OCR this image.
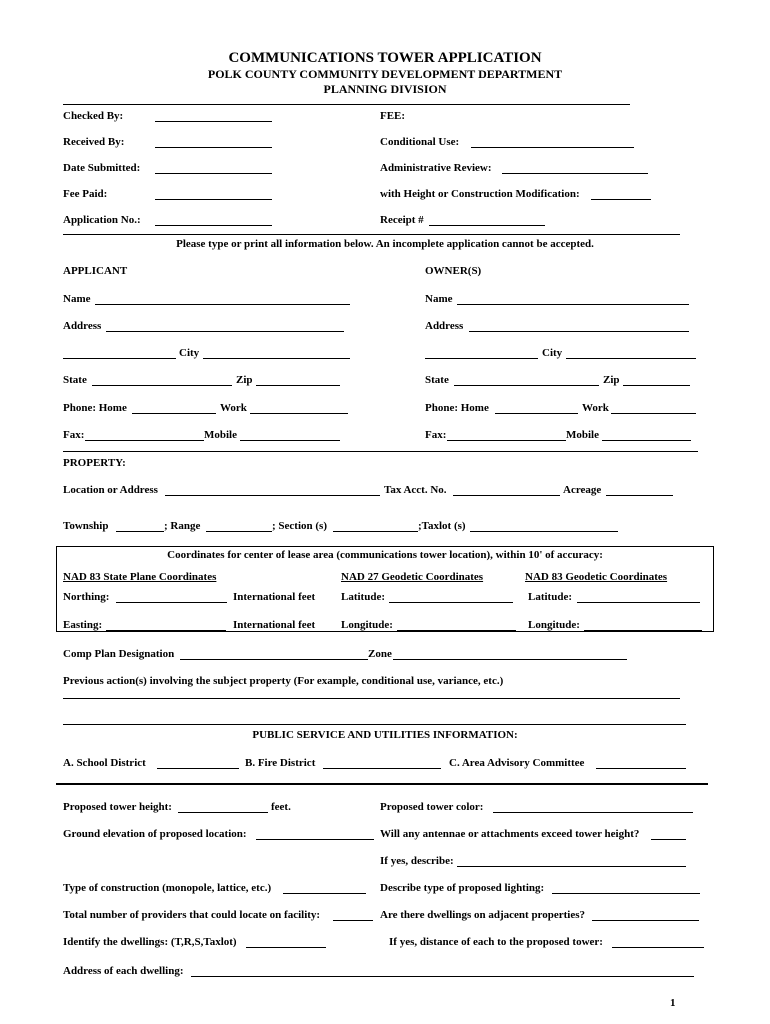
COMMUNICATIONS TOWER APPLICATION
POLK COUNTY COMMUNITY DEVELOPMENT DEPARTMENT
PLANNING DIVISION
Checked By:	FEE:
Received By:	Conditional Use:
Date Submitted:	Administrative Review:
Fee Paid:	with Height or Construction Modification:
Application No.:	Receipt #
Please type or print all information below. An incomplete application cannot be accepted.
APPLICANT	OWNER(S)
Name	Name
Address	Address
City	City
State	Zip	State	Zip
Phone: Home	Work	Phone: Home	Work
Fax:	Mobile	Fax:	Mobile
PROPERTY:
Location or Address	Tax Acct. No.	Acreage
Township	; Range	; Section (s)	;Taxlot (s)
Coordinates for center of lease area (communications tower location), within 10' of accuracy:
NAD 83 State Plane Coordinates	NAD 27 Geodetic Coordinates	NAD 83 Geodetic Coordinates
Northing:	International feet Latitude:	Latitude:
Easting:	International feet Longitude:	Longitude:
Comp Plan Designation	Zone
Previous action(s) involving the subject property (For example, conditional use, variance, etc.)
PUBLIC SERVICE AND UTILITIES INFORMATION:
A. School District	B. Fire District	C. Area Advisory Committee
Proposed tower height:	feet.	Proposed tower color:
Ground elevation of proposed location:	Will any antennae or attachments exceed tower height?
If yes, describe:
Type of construction (monopole, lattice, etc.)	Describe type of proposed lighting:
Total number of providers that could locate on facility:	Are there dwellings on adjacent properties?
Identify the dwellings: (T,R,S,Taxlot)	If yes, distance of each to the proposed tower:
Address of each dwelling:
1
